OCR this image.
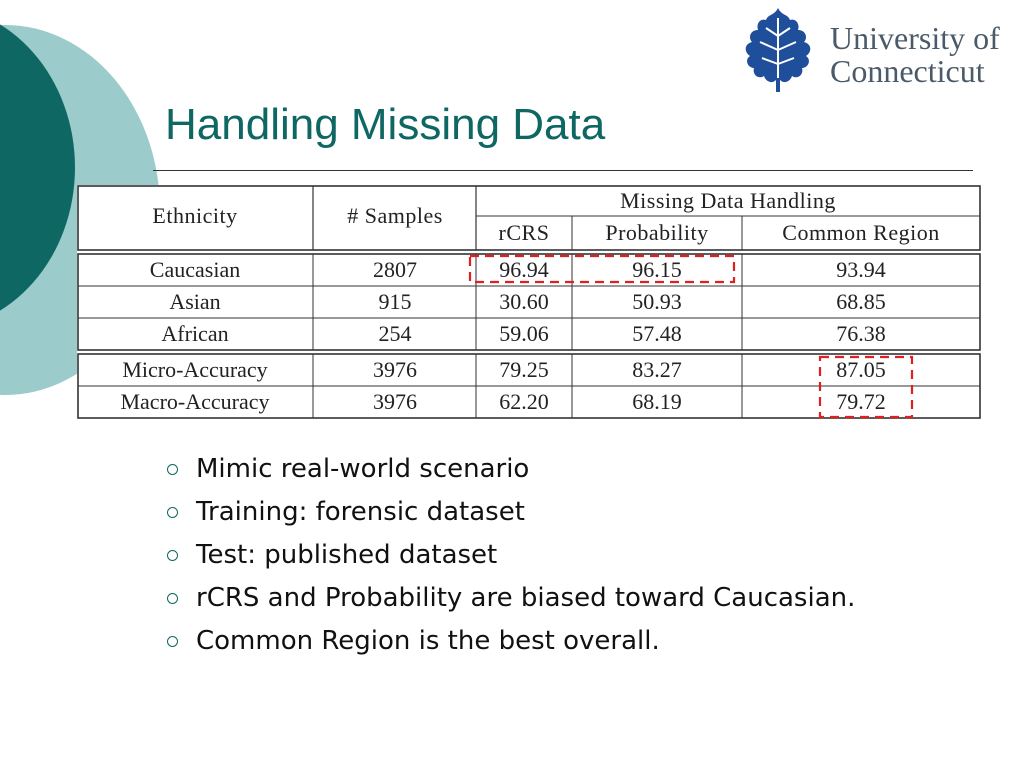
University of
Connecticut
Handling Missing Data
Ethnicity	# Samples
Missing Data Handling
rCRS	Probability	Common Region
Caucasian	2807	96.94	96.15	93.94
Asian	915	30.60	50.93	68.85
African	254	59.06	57.48	76.38
Micro-Accuracy	3976	79.25	83.27	87.05
Macro-Accuracy	3976	62.20	68.19	79.72
Mimic real-world scenario
Training: forensic dataset
Test: published dataset
rCRS and Probability are biased toward Caucasian.
Common Region is the best overall.
